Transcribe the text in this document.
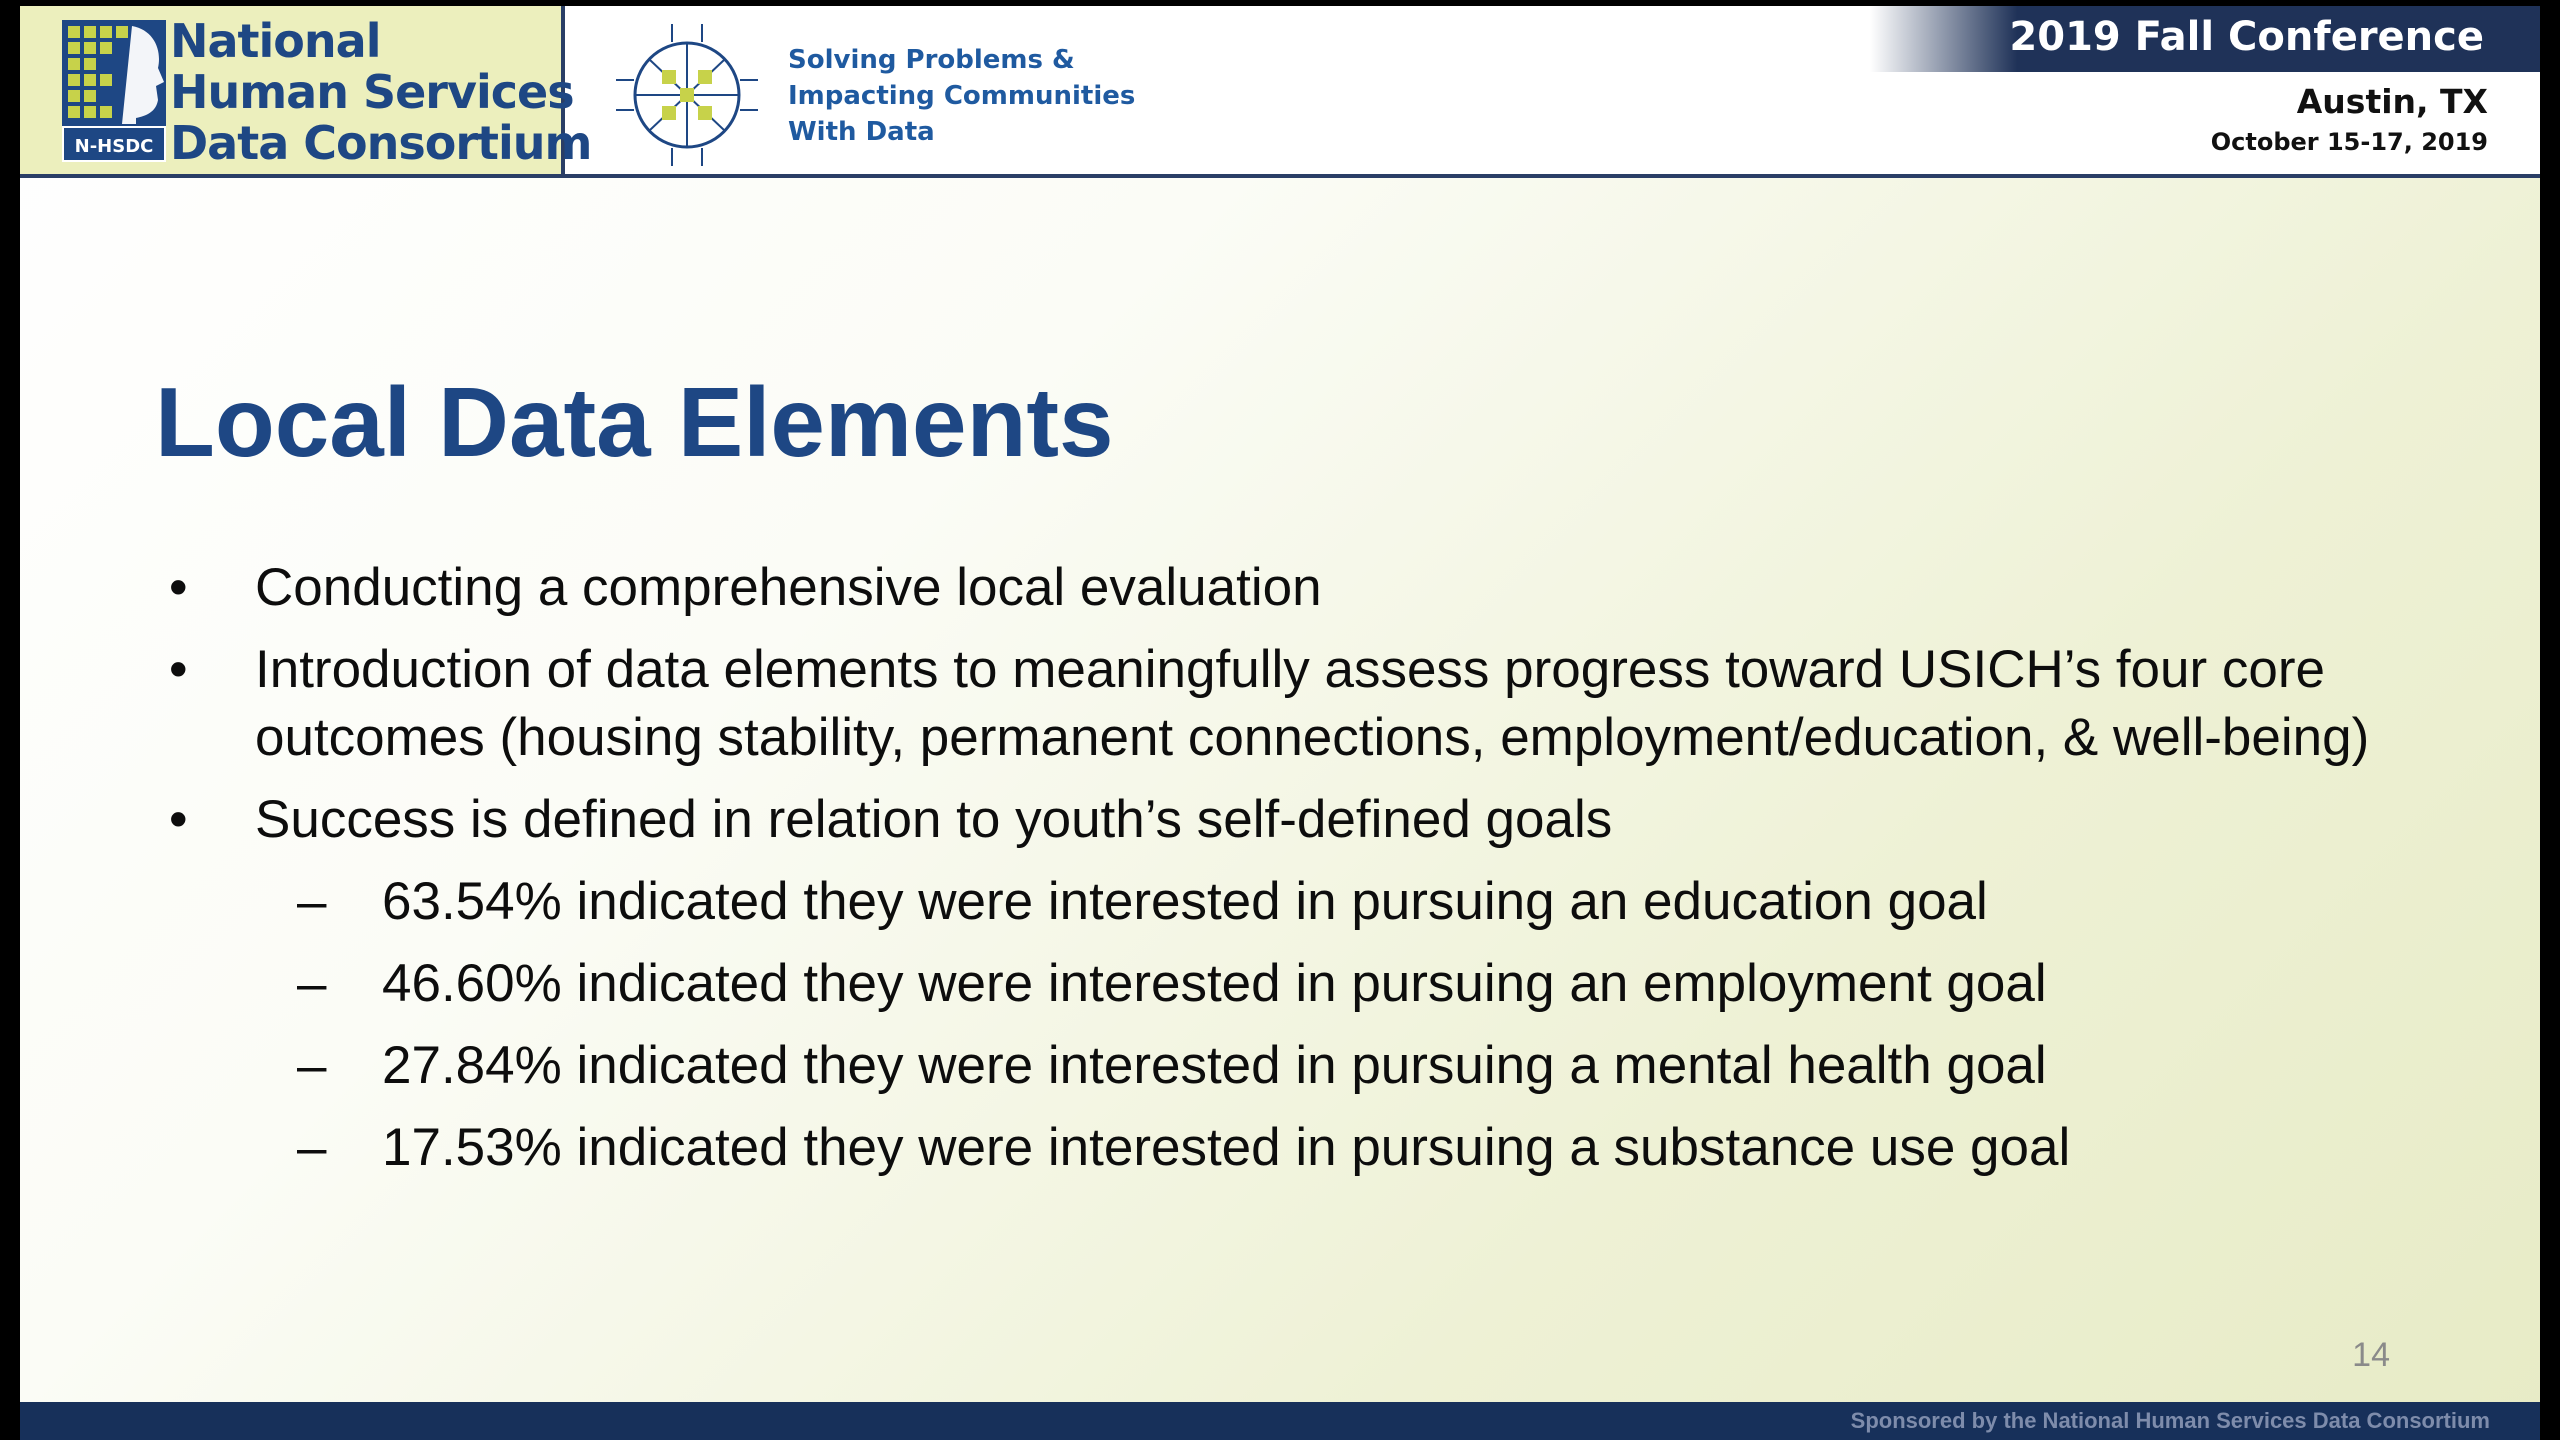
N-HSDC
National
Human Services
Data Consortium
Solving Problems &
Impacting Communities
With Data
2019 Fall Conference
Austin, TX
October 15-17, 2019
Local Data Elements
• Conducting a comprehensive local evaluation
• Introduction of data elements to meaningfully assess progress toward USICH’s four core outcomes (housing stability, permanent connections, employment/education, & well-being)
• Success is defined in relation to youth’s self-defined goals
– 63.54% indicated they were interested in pursuing an education goal
– 46.60% indicated they were interested in pursuing an employment goal
– 27.84% indicated they were interested in pursuing a mental health goal
– 17.53% indicated they were interested in pursuing a substance use goal
14
Sponsored by the National Human Services Data Consortium
